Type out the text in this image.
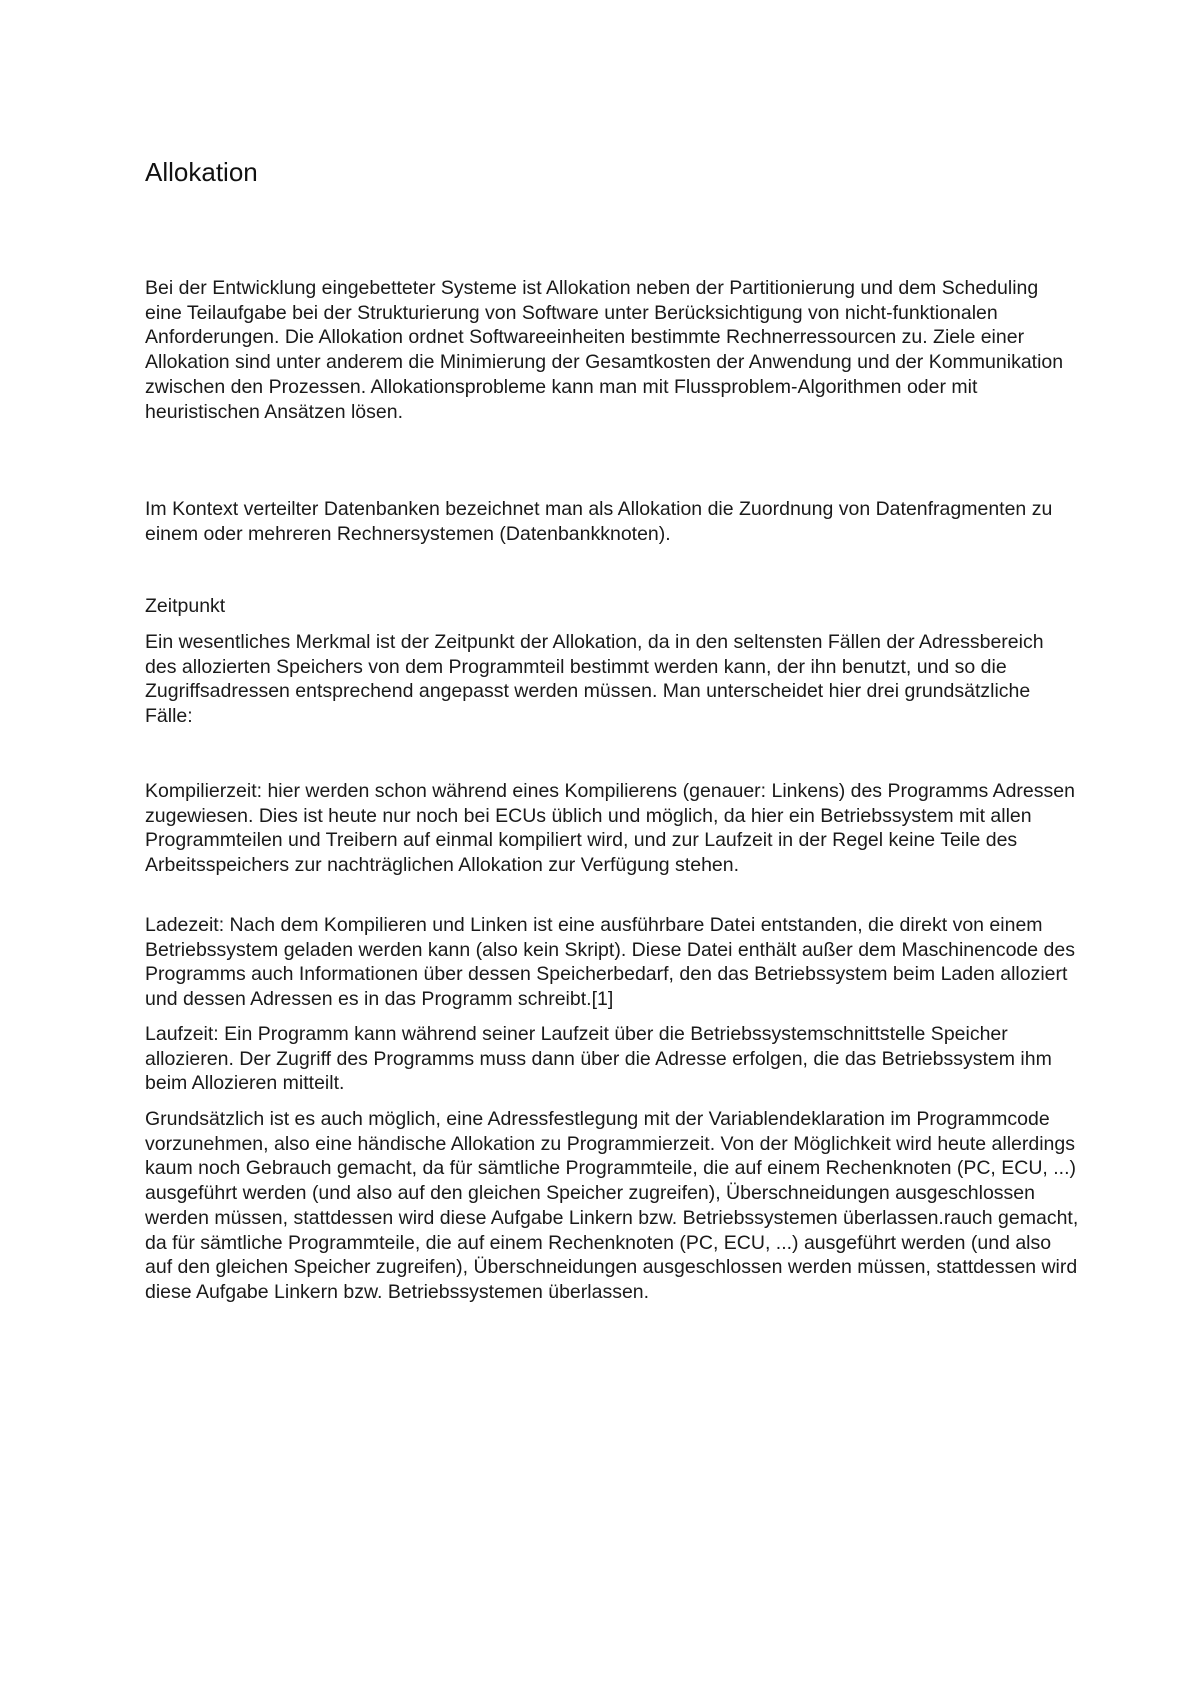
Allokation

Bei der Entwicklung eingebetteter Systeme ist Allokation neben der Partitionierung und dem Scheduling eine Teilaufgabe bei der Strukturierung von Software unter Berücksichtigung von nicht-funktionalen Anforderungen. Die Allokation ordnet Softwareeinheiten bestimmte Rechnerressourcen zu. Ziele einer Allokation sind unter anderem die Minimierung der Gesamtkosten der Anwendung und der Kommunikation zwischen den Prozessen. Allokationsprobleme kann man mit Flussproblem-Algorithmen oder mit heuristischen Ansätzen lösen.

Im Kontext verteilter Datenbanken bezeichnet man als Allokation die Zuordnung von Datenfragmenten zu einem oder mehreren Rechnersystemen (Datenbankknoten).

Zeitpunkt

Ein wesentliches Merkmal ist der Zeitpunkt der Allokation, da in den seltensten Fällen der Adressbereich des allozierten Speichers von dem Programmteil bestimmt werden kann, der ihn benutzt, und so die Zugriffsadressen entsprechend angepasst werden müssen. Man unterscheidet hier drei grundsätzliche Fälle:

Kompilierzeit: hier werden schon während eines Kompilierens (genauer: Linkens) des Programms Adressen zugewiesen. Dies ist heute nur noch bei ECUs üblich und möglich, da hier ein Betriebssystem mit allen Programmteilen und Treibern auf einmal kompiliert wird, und zur Laufzeit in der Regel keine Teile des Arbeitsspeichers zur nachträglichen Allokation zur Verfügung stehen.

Ladezeit: Nach dem Kompilieren und Linken ist eine ausführbare Datei entstanden, die direkt von einem Betriebssystem geladen werden kann (also kein Skript). Diese Datei enthält außer dem Maschinencode des Programms auch Informationen über dessen Speicherbedarf, den das Betriebssystem beim Laden alloziert und dessen Adressen es in das Programm schreibt.[1]

Laufzeit: Ein Programm kann während seiner Laufzeit über die Betriebssystemschnittstelle Speicher allozieren. Der Zugriff des Programms muss dann über die Adresse erfolgen, die das Betriebssystem ihm beim Allozieren mitteilt.

Grundsätzlich ist es auch möglich, eine Adressfestlegung mit der Variablendeklaration im Programmcode vorzunehmen, also eine händische Allokation zu Programmierzeit. Von der Möglichkeit wird heute allerdings kaum noch Gebrauch gemacht, da für sämtliche Programmteile, die auf einem Rechenknoten (PC, ECU, ...) ausgeführt werden (und also auf den gleichen Speicher zugreifen), Überschneidungen ausgeschlossen werden müssen, stattdessen wird diese Aufgabe Linkern bzw. Betriebssystemen überlassen.rauch gemacht, da für sämtliche Programmteile, die auf einem Rechenknoten (PC, ECU, ...) ausgeführt werden (und also auf den gleichen Speicher zugreifen), Überschneidungen ausgeschlossen werden müssen, stattdessen wird diese Aufgabe Linkern bzw. Betriebssystemen überlassen.
